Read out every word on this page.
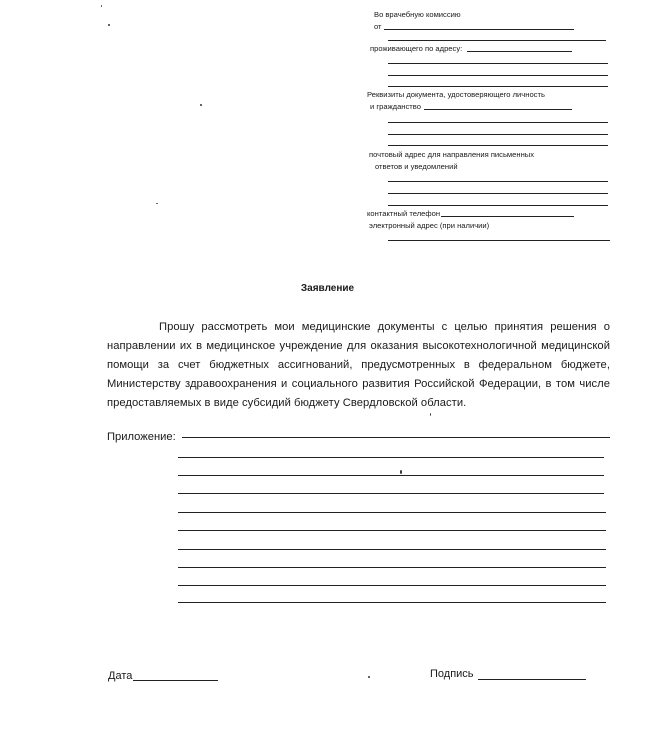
Во врачебную комиссию
от
проживающего по адресу:
Реквизиты документа, удостоверяющего личность
и гражданство
почтовый адрес для направления письменных
ответов и уведомлений
контактный телефон
электронный адрес (при наличии)
Заявление
Прошу рассмотреть мои медицинские документы с целью принятия решения о направлении их в медицинское учреждение для оказания высокотехнологичной медицинской помощи за счет бюджетных ассигнований, предусмотренных в федеральном бюджете, Министерству здравоохранения и социального развития Российской Федерации, в том числе предоставляемых в виде субсидий бюджету Свердловской области.
Приложение:
Дата	Подпись
